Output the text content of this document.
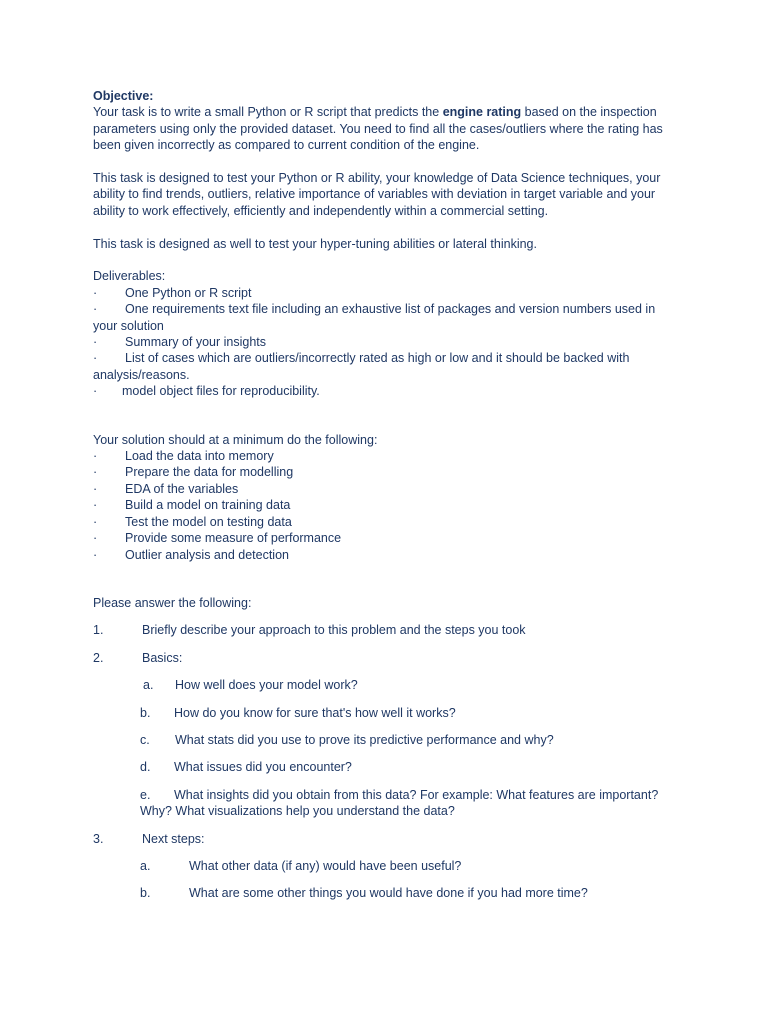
Objective:

Your task is to write a small Python or R script that predicts the engine rating based on the inspection parameters using only the provided dataset. You need to find all the cases/outliers where the rating has been given incorrectly as compared to current condition of the engine.

This task is designed to test your Python or R ability, your knowledge of Data Science techniques, your ability to find trends, outliers, relative importance of variables with deviation in target variable and your ability to work effectively, efficiently and independently within a commercial setting.

This task is designed as well to test your hyper-tuning abilities or lateral thinking.

Deliverables:

·	One Python or R script
· One requirements text file including an exhaustive list of packages and version numbers used in your solution
·	Summary of your insights
· List of cases which are outliers/incorrectly rated as high or low and it should be backed with analysis/reasons.
·	model object files for reproducibility.

Your solution should at a minimum do the following:

·	Load the data into memory
·	Prepare the data for modelling
·	EDA of the variables
·	Build a model on training data
·	Test the model on testing data
·	Provide some measure of performance
·	Outlier analysis and detection

Please answer the following:

1.	Briefly describe your approach to this problem and the steps you took
2.	Basics:
a.	How well does your model work?
b.	How do you know for sure that's how well it works?
c.	What stats did you use to prove its predictive performance and why?
d.	What issues did you encounter?
e. What insights did you obtain from this data? For example: What features are important? Why? What visualizations help you understand the data?
3.	Next steps:
a.	What other data (if any) would have been useful?
b.	What are some other things you would have done if you had more time?
